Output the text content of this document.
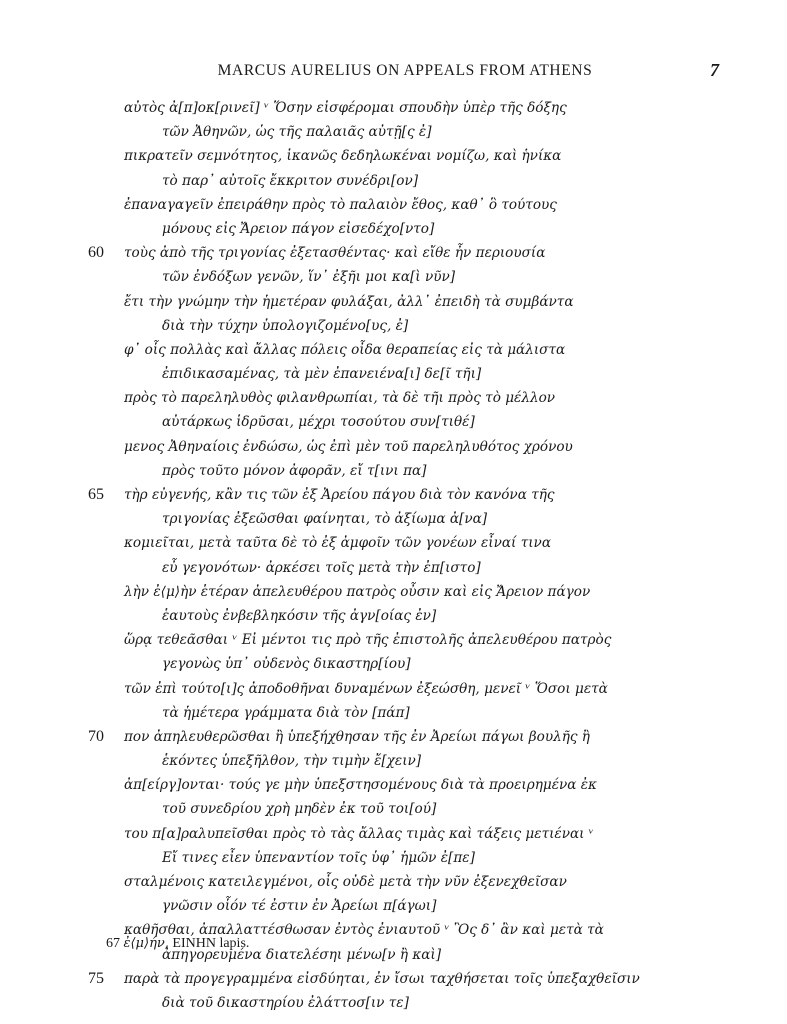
MARCUS AURELIUS ON APPEALS FROM ATHENS	7
αὐτὸς ἀ[π]οκ[ρινεῖ] ᵛ Ὅσην εἰσφέρομαι σπουδὴν ὑπὲρ τῆς δόξης
τῶν Ἀθηνῶν, ὡς τῆς παλαιᾶς αὐτῇ[ς ἐ]
πικρατεῖν σεμνότητος, ἱκανῶς δεδηλωκέναι νομίζω, καὶ ἡνίκα
τὸ παρ᾽ αὐτοῖς ἔκκριτον συνέδρι[ον]
ἐπαναγαγεῖν ἐπειράθην πρὸς τὸ παλαιὸν ἔθος, καθ᾽ ὃ τούτους
μόνους εἰς Ἄρειον πάγον εἰσεδέχο[ντο]
60 τοὺς ἀπὸ τῆς τριγονίας ἐξετασθέντας· καὶ εἴθε ἦν περιουσία
τῶν ἐνδόξων γενῶν, ἵν᾽ ἐξῆι μοι κα[ὶ νῦν]
ἔτι τὴν γνώμην τὴν ἡμετέραν φυλάξαι, ἀλλ᾽ ἐπειδὴ τὰ συμβάντα
διὰ τὴν τύχην ὑπολογιζομένο[υς, ἐ]
φ᾽ οἷς πολλὰς καὶ ἄλλας πόλεις οἶδα θεραπείας εἰς τὰ μάλιστα
ἐπιδικασαμένας, τὰ μὲν ἐπανειένα[ι] δε[ῖ τῆι]
πρὸς τὸ παρεληλυθὸς φιλανθρωπίαι, τὰ δὲ τῆι πρὸς τὸ μέλλον
αὐτάρκως ἱδρῦσαι, μέχρι τοσούτου συν[τιθέ]
μενος Ἀθηναίοις ἐνδώσω, ὡς ἐπὶ μὲν τοῦ παρεληλυθότος χρόνου
πρὸς τοῦτο μόνον ἀφορᾶν, εἴ τ[ινι πα]
65 τὴρ εὐγενής, κἂν τις τῶν ἐξ Ἀρείου πάγου διὰ τὸν κανόνα τῆς
τριγονίας ἐξεῶσθαι φαίνηται, τὸ ἀξίωμα ἀ[να]
κομιεῖται, μετὰ ταῦτα δὲ τὸ ἐξ ἀμφοῖν τῶν γονέων εἶναί τινα
εὖ γεγονότων· ἀρκέσει τοῖς μετὰ τὴν ἐπ[ιστο]
λὴν ἐ⟨μ⟩ὴν ἑτέραν ἀπελευθέρου πατρὸς οὖσιν καὶ εἰς Ἄρειον πάγον
ἑαυτοὺς ἐνβεβληκόσιν τῆς ἀγν[οίας ἐν]
ὥρᾳ τεθεᾶσθαι ᵛ Εἰ μέντοι τις πρὸ τῆς ἐπιστολῆς ἀπελευθέρου πατρὸς
γεγονὼς ὑπ᾽ οὐδενὸς δικαστηρ[ίου]
τῶν ἐπὶ τούτο[ι]ς ἀποδοθῆναι δυναμένων ἐξεώσθη, μενεῖ ᵛ Ὅσοι μετὰ
τὰ ἡμέτερα γράμματα διὰ τὸν [πάπ]
70 πον ἀπηλευθερῶσθαι ἢ ὑπεξήχθησαν τῆς ἐν Ἀρείωι πάγωι βουλῆς ἢ
ἑκόντες ὑπεξῆλθον, τὴν τιμὴν ἔ[χειν]
ἀπ[είργ]ονται· τούς γε μὴν ὑπεξστησομένους διὰ τὰ προειρημένα ἐκ
τοῦ συνεδρίου χρὴ μηδὲν ἐκ τοῦ τοι[ού]
του π[α]ραλυπεῖσθαι πρὸς τὸ τὰς ἄλλας τιμὰς καὶ τάξεις μετιέναι ᵛ
Εἴ τινες εἶεν ὑπεναντίον τοῖς ὑφ᾽ ἡμῶν ἐ[πε]
σταλμένοις κατειλεγμένοι, οἷς οὐδὲ μετὰ τὴν νῦν ἐξενεχθεῖσαν
γνῶσιν οἷόν τέ ἐστιν ἐν Ἀρείωι π[άγωι]
καθῆσθαι, ἀπαλλαττέσθωσαν ἐντὸς ἐνιαυτοῦ ᵛ Ὃς δ᾽ ἂν καὶ μετὰ τὰ
ἀπηγορευμένα διατελέσηι μένω[ν ἢ καὶ]
75 παρὰ τὰ προγεγραμμένα εἰσδύηται, ἐν ἴσωι ταχθήσεται τοῖς ὑπεξαχθεῖσιν
διὰ τοῦ δικαστηρίου ἐλάττοσ[ιν τε]
67 ἐ⟨μ⟩ήν, EINHN lapis.
